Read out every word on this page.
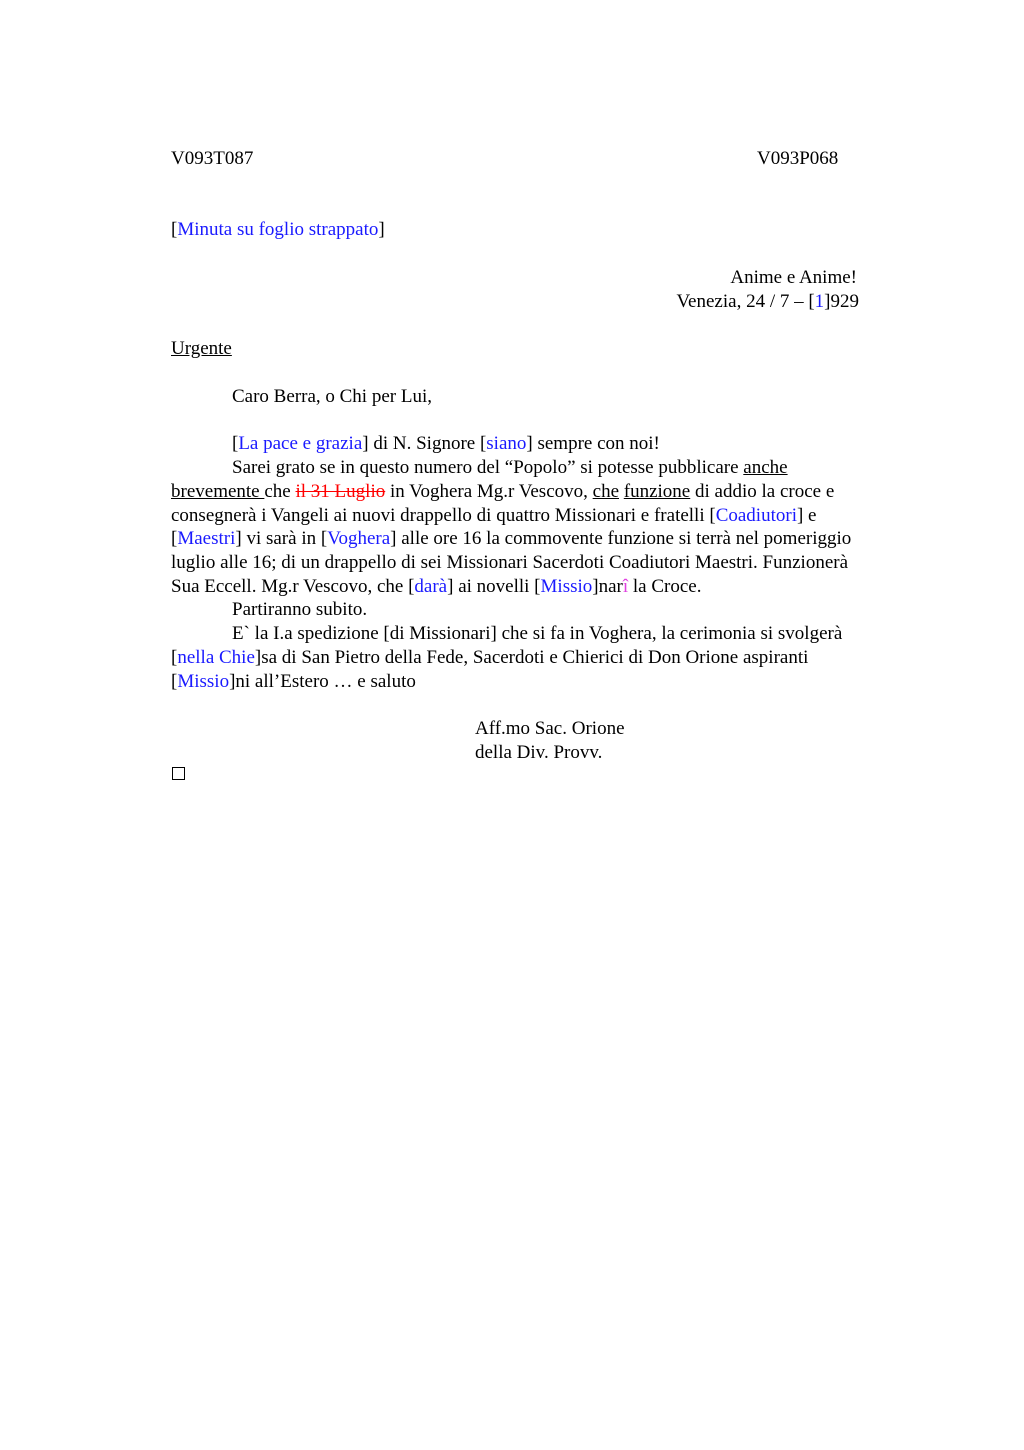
V093T087	V093P068
[Minuta su foglio strappato]
Anime e Anime!
Venezia, 24 / 7 – [1]929
Urgente
Caro Berra, o Chi per Lui,
[La pace e grazia] di N. Signore [siano] sempre con noi!
Sarei grato se in questo numero del “Popolo” si potesse pubblicare anche
brevemente che il 31 Luglio in Voghera Mg.r Vescovo, che funzione di addio la croce e
consegnerà i Vangeli ai nuovi drappello di quattro Missionari e fratelli [Coadiutori] e
[Maestri] vi sarà in [Voghera] alle ore 16 la commovente funzione si terrà nel pomeriggio
luglio alle 16; di un drappello di sei Missionari Sacerdoti Coadiutori Maestri. Funzionerà
Sua Eccell. Mg.r Vescovo, che [darà] ai novelli [Missio]narî la Croce.
Partiranno subito.
E` la I.a spedizione [di Missionari] che si fa in Voghera, la cerimonia si svolgerà
[nella Chie]sa di San Pietro della Fede, Sacerdoti e Chierici di Don Orione aspiranti
[Missio]ni all’Estero … e saluto
Aff.mo Sac. Orione
della Div. Provv.
